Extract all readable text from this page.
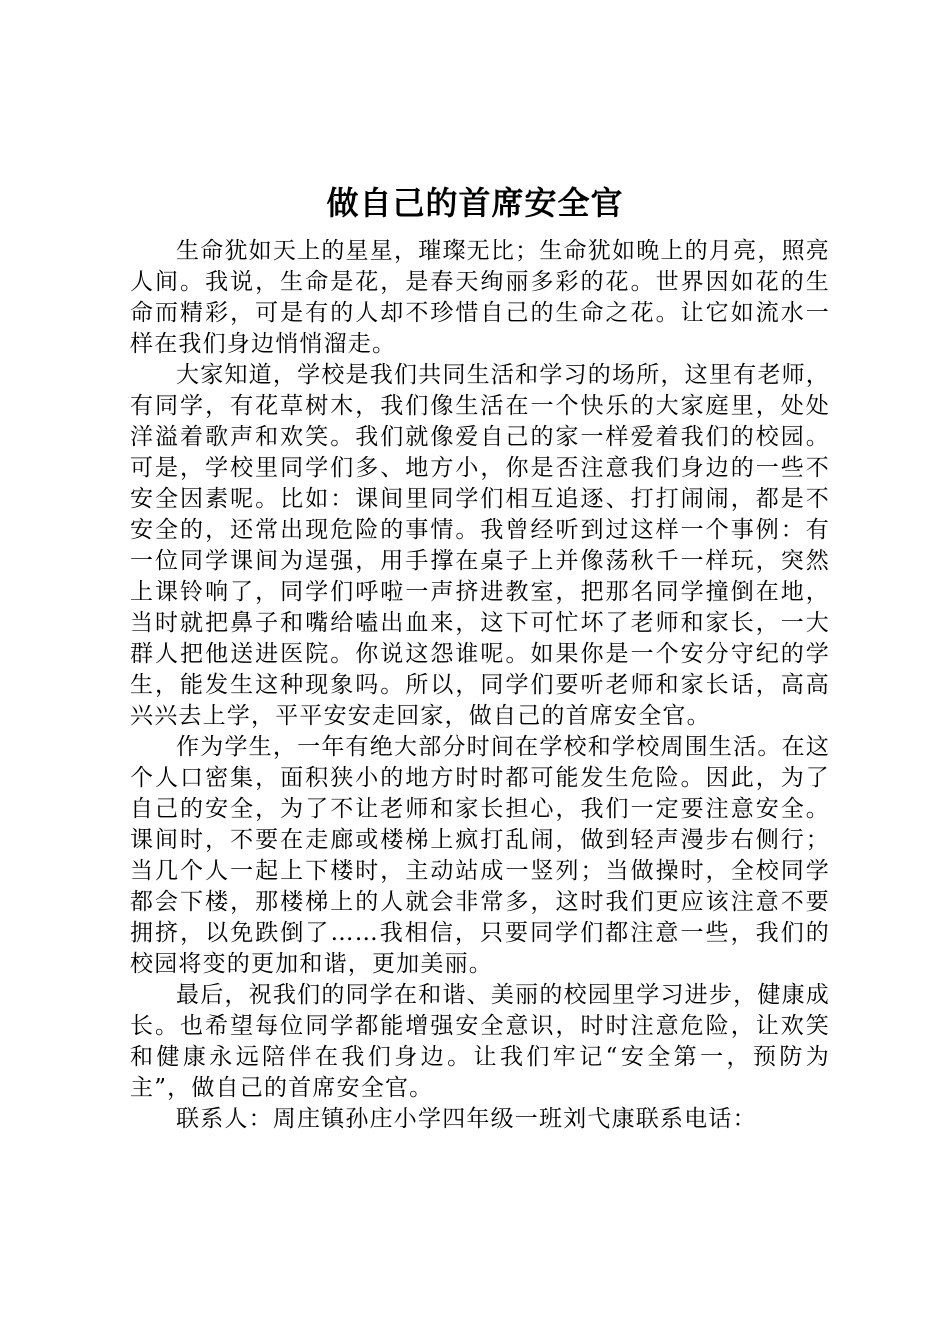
做自己的首席安全官

生命犹如天上的星星，璀璨无比；生命犹如晚上的月亮，照亮人间。我说，生命是花，是春天绚丽多彩的花。世界因如花的生命而精彩，可是有的人却不珍惜自己的生命之花。让它如流水一样在我们身边悄悄溜走。

大家知道，学校是我们共同生活和学习的场所，这里有老师，有同学，有花草树木，我们像生活在一个快乐的大家庭里，处处洋溢着歌声和欢笑。我们就像爱自己的家一样爱着我们的校园。可是，学校里同学们多、地方小，你是否注意我们身边的一些不安全因素呢。比如：课间里同学们相互追逐、打打闹闹，都是不安全的，还常出现危险的事情。我曾经听到过这样一个事例：有一位同学课间为逞强，用手撑在桌子上并像荡秋千一样玩，突然上课铃响了，同学们呼啦一声挤进教室，把那名同学撞倒在地，当时就把鼻子和嘴给嗑出血来，这下可忙坏了老师和家长，一大群人把他送进医院。你说这怨谁呢。如果你是一个安分守纪的学生，能发生这种现象吗。所以，同学们要听老师和家长话，高高兴兴去上学，平平安安走回家，做自己的首席安全官。

作为学生，一年有绝大部分时间在学校和学校周围生活。在这个人口密集，面积狭小的地方时时都可能发生危险。因此，为了自己的安全，为了不让老师和家长担心，我们一定要注意安全。课间时，不要在走廊或楼梯上疯打乱闹，做到轻声漫步右侧行；当几个人一起上下楼时，主动站成一竖列；当做操时，全校同学都会下楼，那楼梯上的人就会非常多，这时我们更应该注意不要拥挤，以免跌倒了……我相信，只要同学们都注意一些，我们的校园将变的更加和谐，更加美丽。

最后，祝我们的同学在和谐、美丽的校园里学习进步，健康成长。也希望每位同学都能增强安全意识，时时注意危险，让欢笑和健康永远陪伴在我们身边。让我们牢记“安全第一，预防为主”，做自己的首席安全官。

联系人：周庄镇孙庄小学四年级一班刘弋康联系电话：
